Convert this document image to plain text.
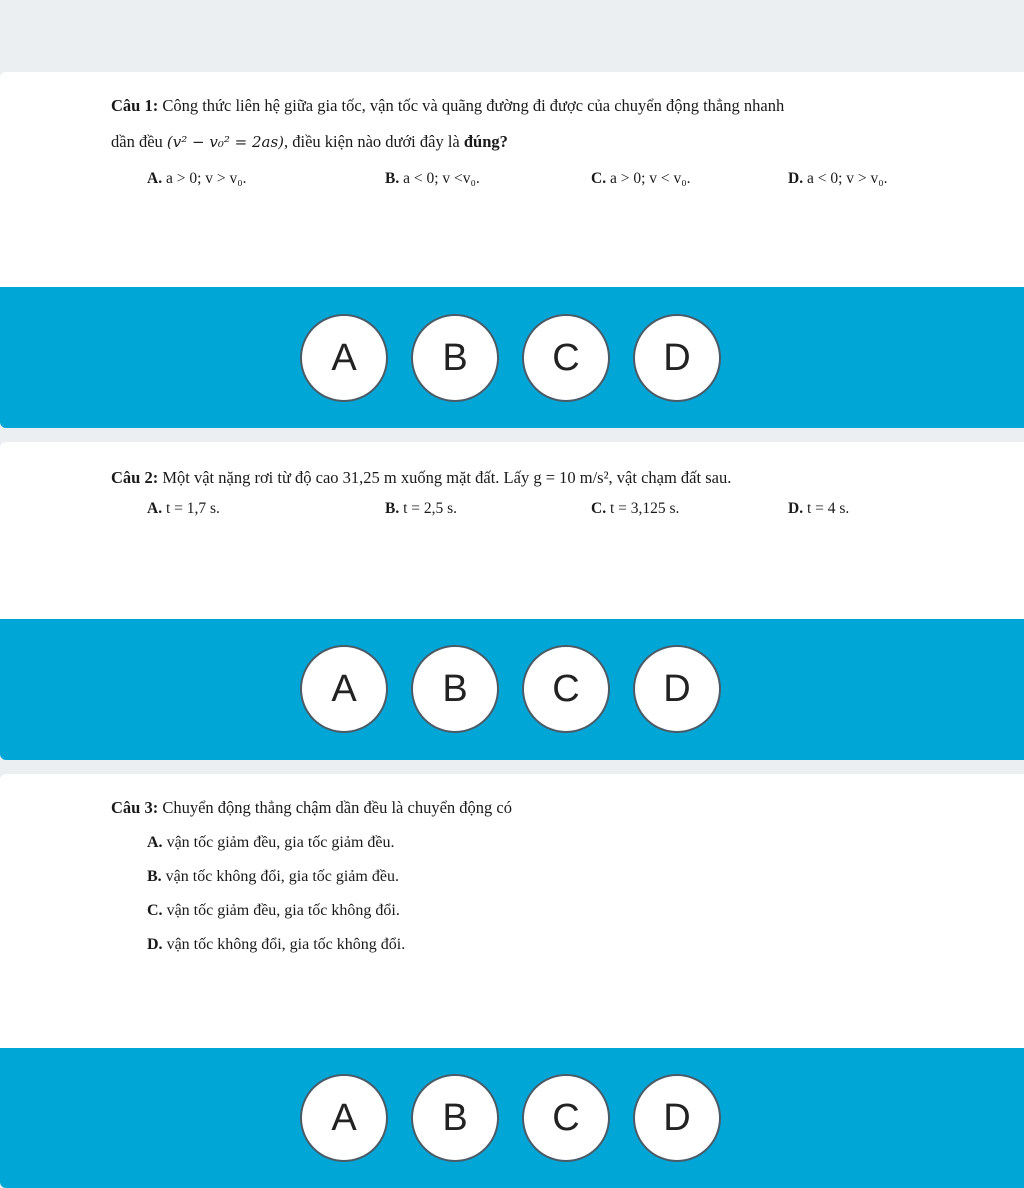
Câu 1: Công thức liên hệ giữa gia tốc, vận tốc và quãng đường đi được của chuyển động thẳng nhanh
dần đều (v² − v₀² = 2as), điều kiện nào dưới đây là đúng?
A. a > 0; v > v₀.	B. a < 0; v <v₀.	C. a > 0; v < v₀.	D. a < 0; v > v₀.
A	B	C	D
Câu 2: Một vật nặng rơi từ độ cao 31,25 m xuống mặt đất. Lấy g = 10 m/s², vật chạm đất sau.
A. t = 1,7 s.	B. t = 2,5 s.	C. t = 3,125 s.	D. t = 4 s.
A	B	C	D
Câu 3: Chuyển động thẳng chậm dần đều là chuyển động có
A. vận tốc giảm đều, gia tốc giảm đều.
B. vận tốc không đổi, gia tốc giảm đều.
C. vận tốc giảm đều, gia tốc không đổi.
D. vận tốc không đổi, gia tốc không đổi.
A	B	C	D
